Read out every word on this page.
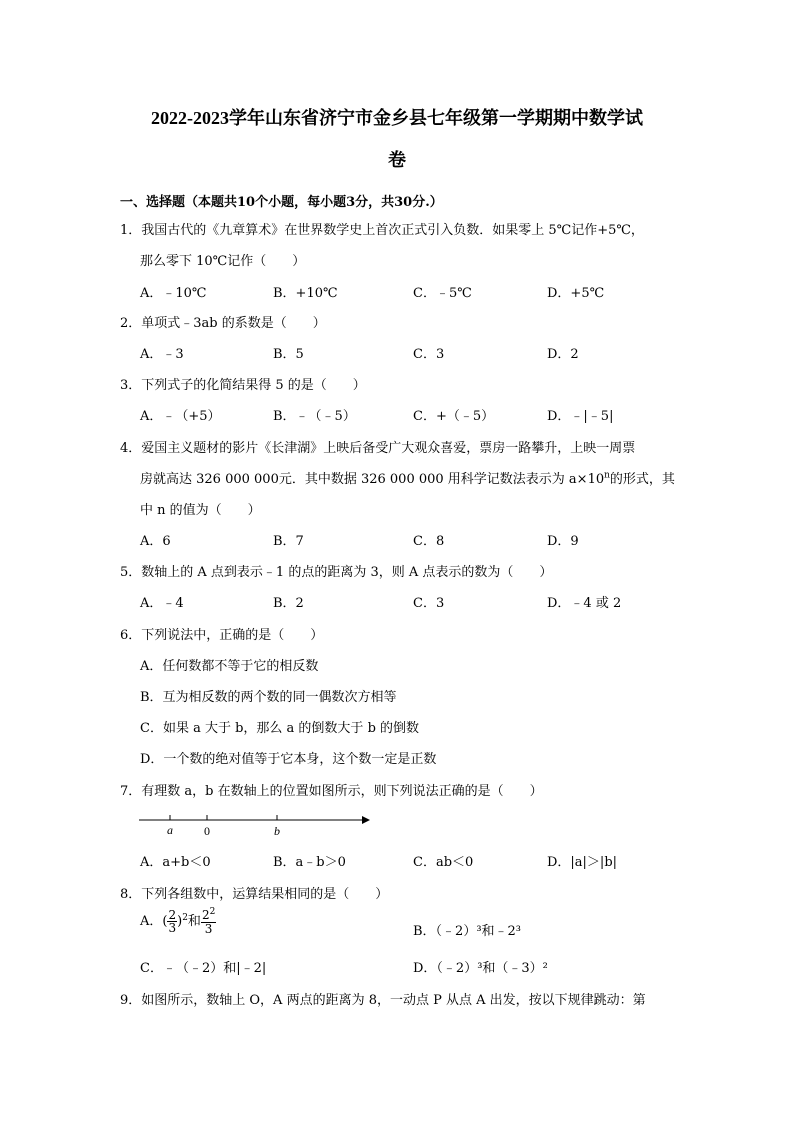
2022-2023学年山东省济宁市金乡县七年级第一学期期中数学试
卷
一、选择题（本题共10个小题，每小题3分，共30分.）
1．我国古代的《九章算术》在世界数学史上首次正式引入负数．如果零上 5℃记作+5℃，
那么零下 10℃记作（　　）
A．﹣10℃	B．+10℃	C．﹣5℃	D．+5℃
2．单项式﹣3ab 的系数是（　　）
A．﹣3	B．5	C．3	D．2
3．下列式子的化简结果得 5 的是（　　）
A．﹣（+5）	B．﹣（﹣5）	C．+（﹣5）	D．﹣|﹣5|
4．爱国主义题材的影片《长津湖》上映后备受广大观众喜爱，票房一路攀升，上映一周票
房就高达 326 000 000元．其中数据 326 000 000 用科学记数法表示为 $a\times 10^n$的形式，其
中 n 的值为（　　）
A．6	B．7	C．8	D．9
5．数轴上的 A 点到表示﹣1 的点的距离为 3，则 A 点表示的数为（　　）
A．﹣4	B．2	C．3	D．﹣4 或 2
6．下列说法中，正确的是（　　）
A．任何数都不等于它的相反数
B．互为相反数的两个数的同一偶数次方相等
C．如果 a 大于 b，那么 a 的倒数大于 b 的倒数
D．一个数的绝对值等于它本身，这个数一定是正数
7．有理数 a，b 在数轴上的位置如图所示，则下列说法正确的是（　　）
a	0	b
A．a+b＜0	B．a﹣b＞0	C．ab＜0	D．|a|＞|b|
8．下列各组数中，运算结果相同的是（　　）
A．( $\frac{2}{3} )^2$和 $\frac{2^2}{3}$	B．（﹣2）³和﹣2³
C．﹣（﹣2）和|﹣2|	D．（﹣2）³和（﹣3）²
9．如图所示，数轴上 O，A 两点的距离为 8，一动点 P 从点 A 出发，按以下规律跳动：第
